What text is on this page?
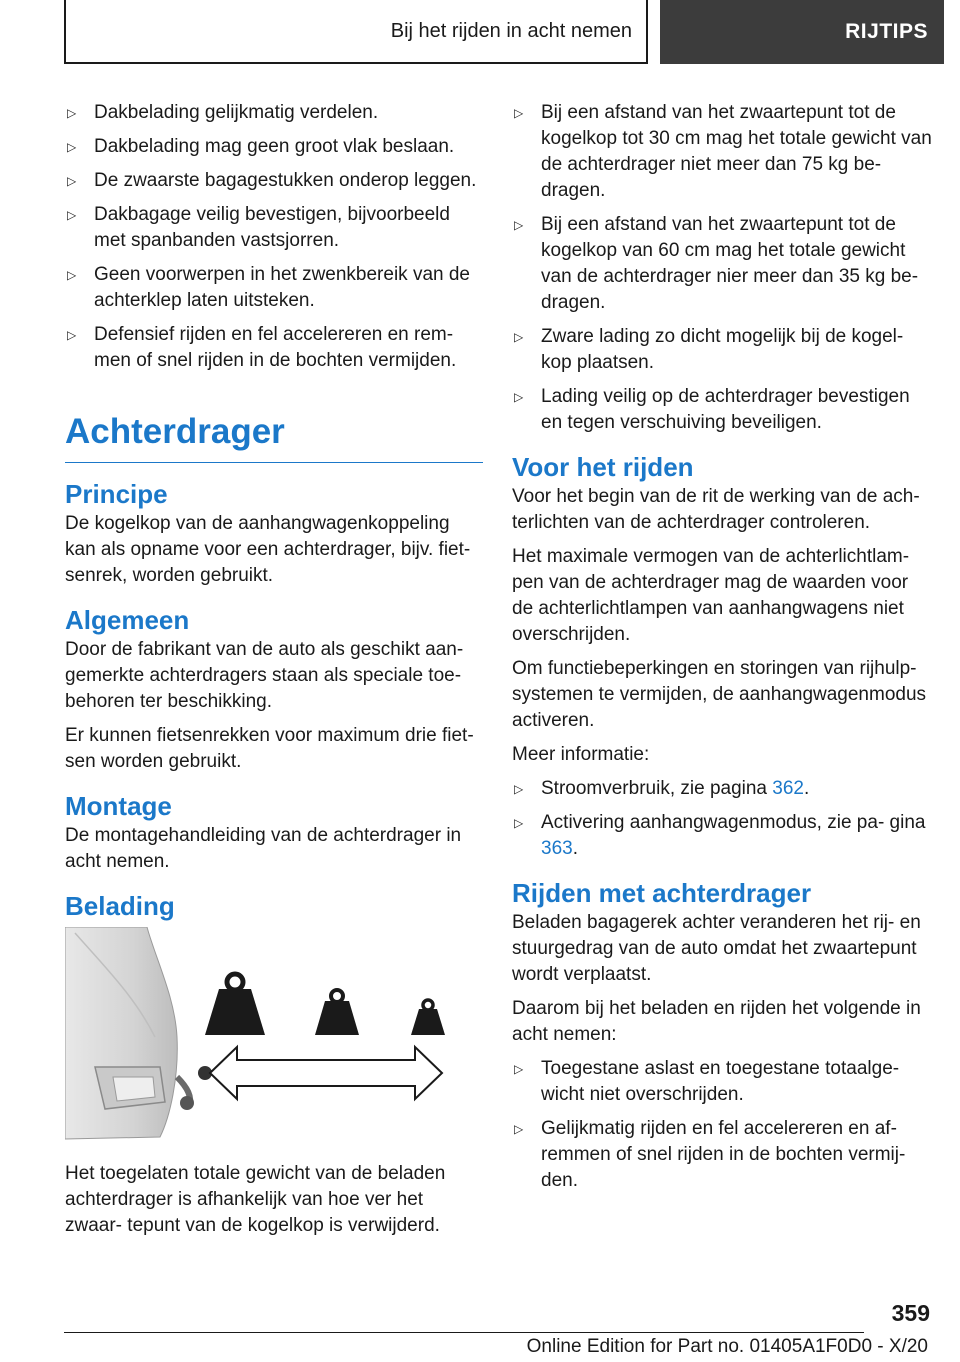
Bij het rijden in acht nemen	RIJTIPS
▷ Dakbelading gelijkmatig verdelen.
▷ Dakbelading mag geen groot vlak beslaan.
▷ De zwaarste bagagestukken onderop leggen.
▷ Dakbagage veilig bevestigen, bijvoorbeeld met spanbanden vastsjorren.
▷ Geen voorwerpen in het zwenkbereik van de achterklep laten uitsteken.
▷ Defensief rijden en fel accelereren en rem‐ men of snel rijden in de bochten vermijden.
Achterdrager
Principe

De kogelkop van de aanhangwagenkoppeling kan als opname voor een achterdrager, bijv. fiet‐ senrek, worden gebruikt.

Algemeen

Door de fabrikant van de auto als geschikt aan‐ gemerkte achterdragers staan als speciale toe‐ behoren ter beschikking.

Er kunnen fietsenrekken voor maximum drie fiet‐ sen worden gebruikt.

Montage

De montagehandleiding van de achterdrager in acht nemen.

Belading

Het toegelaten totale gewicht van de beladen achterdrager is afhankelijk van hoe ver het zwaar‐ tepunt van de kogelkop is verwijderd.

▷ Bij een afstand van het zwaartepunt tot de kogelkop tot 30 cm mag het totale gewicht van de achterdrager niet meer dan 75 kg be‐ dragen.
▷ Bij een afstand van het zwaartepunt tot de kogelkop van 60 cm mag het totale gewicht van de achterdrager nier meer dan 35 kg be‐ dragen.
▷ Zware lading zo dicht mogelijk bij de kogel‐ kop plaatsen.
▷ Lading veilig op de achterdrager bevestigen en tegen verschuiving beveiligen.
Voor het rijden

Voor het begin van de rit de werking van de ach‐ terlichten van de achterdrager controleren.

Het maximale vermogen van de achterlichtlam‐ pen van de achterdrager mag de waarden voor de achterlichtlampen van aanhangwagens niet overschrijden.

Om functiebeperkingen en storingen van rijhulp‐ systemen te vermijden, de aanhangwagenmodus activeren.

Meer informatie:

▷ Stroomverbruik, zie pagina 362.
▷ Activering aanhangwagenmodus, zie pa‐ gina 363.
Rijden met achterdrager

Beladen bagagerek achter veranderen het rij- en stuurgedrag van de auto omdat het zwaartepunt wordt verplaatst.

Daarom bij het beladen en rijden het volgende in acht nemen:

▷ Toegestane aslast en toegestane totaalge‐ wicht niet overschrijden.
▷ Gelijkmatig rijden en fel accelereren en af‐ remmen of snel rijden in de bochten vermij‐ den.
359
Online Edition for Part no. 01405A1F0D0 - X/20
